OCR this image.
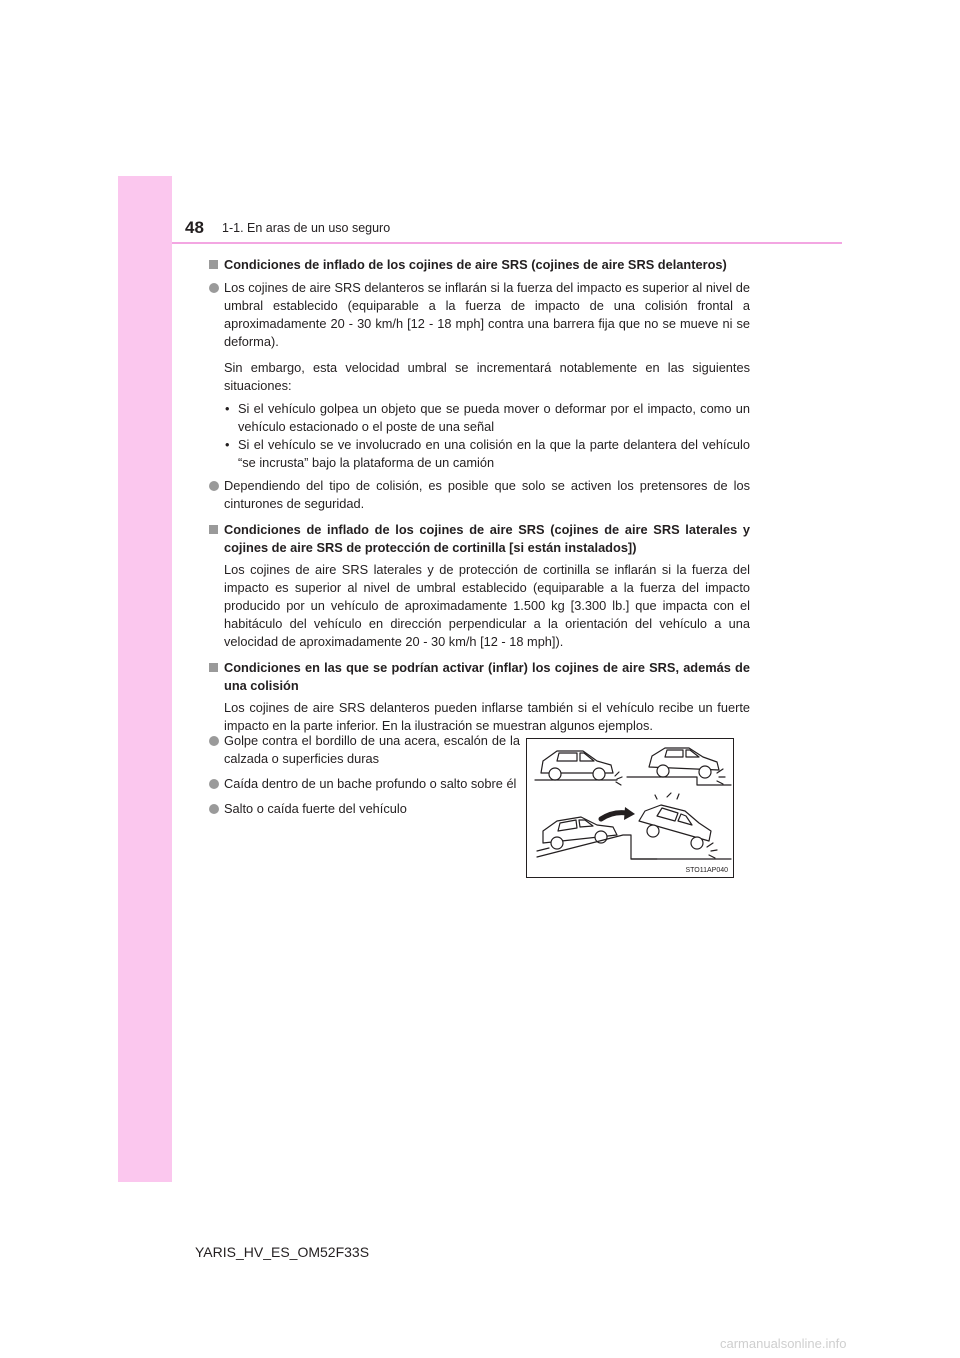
48 1-1. En aras de un uso seguro
Condiciones de inflado de los cojines de aire SRS (cojines de aire SRS delanteros)
Los cojines de aire SRS delanteros se inflarán si la fuerza del impacto es superior al nivel de umbral establecido (equiparable a la fuerza de impacto de una colisión frontal a aproximadamente 20 - 30 km/h [12 - 18 mph] contra una barrera fija que no se mueve ni se deforma).
Sin embargo, esta velocidad umbral se incrementará notablemente en las siguientes situaciones:
• Si el vehículo golpea un objeto que se pueda mover o deformar por el impacto, como un vehículo estacionado o el poste de una señal
• Si el vehículo se ve involucrado en una colisión en la que la parte delantera del vehículo “se incrusta” bajo la plataforma de un camión
Dependiendo del tipo de colisión, es posible que solo se activen los pretensores de los cinturones de seguridad.
Condiciones de inflado de los cojines de aire SRS (cojines de aire SRS laterales y cojines de aire SRS de protección de cortinilla [si están instalados])
Los cojines de aire SRS laterales y de protección de cortinilla se inflarán si la fuerza del impacto es superior al nivel de umbral establecido (equiparable a la fuerza del impacto producido por un vehículo de aproximadamente 1.500 kg [3.300 lb.] que impacta con el habitáculo del vehículo en dirección perpendicular a la orientación del vehículo a una velocidad de aproximadamente 20 - 30 km/h [12 - 18 mph]).
Condiciones en las que se podrían activar (inflar) los cojines de aire SRS, además de una colisión
Los cojines de aire SRS delanteros pueden inflarse también si el vehículo recibe un fuerte impacto en la parte inferior. En la ilustración se muestran algunos ejemplos.
Golpe contra el bordillo de una acera, escalón de la calzada o superficies duras
Caída dentro de un bache profundo o salto sobre él
Salto o caída fuerte del vehículo
STO11AP040
YARIS_HV_ES_OM52F33S
carmanualsonline.info
